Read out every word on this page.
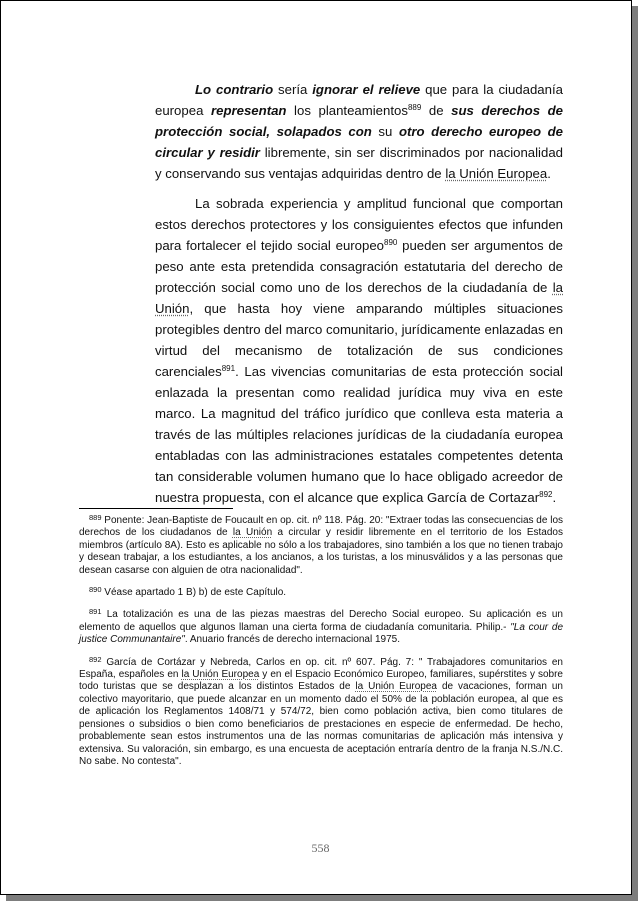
Lo contrario sería ignorar el relieve que para la ciudadanía europea representan los planteamientos$^{889}$ de sus derechos de protección social, solapados con su otro derecho europeo de circular y residir libremente, sin ser discriminados por nacionalidad y conservando sus ventajas adquiridas dentro de la Unión Europea.

La sobrada experiencia y amplitud funcional que comportan estos derechos protectores y los consiguientes efectos que infunden para fortalecer el tejido social europeo$^{890}$ pueden ser argumentos de peso ante esta pretendida consagración estatutaria del derecho de protección social como uno de los derechos de la ciudadanía de la Unión, que hasta hoy viene amparando múltiples situaciones protegibles dentro del marco comunitario, jurídicamente enlazadas en virtud del mecanismo de totalización de sus condiciones carenciales$^{891}$. Las vivencias comunitarias de esta protección social enlazada la presentan como realidad jurídica muy viva en este marco. La magnitud del tráfico jurídico que conlleva esta materia a través de las múltiples relaciones jurídicas de la ciudadanía europea entabladas con las administraciones estatales competentes detenta tan considerable volumen humano que lo hace obligado acreedor de nuestra propuesta, con el alcance que explica García de Cortazar$^{892}$.

$^{889}$ Ponente: Jean-Baptiste de Foucault en op. cit. nº 118. Pág. 20: "Extraer todas las consecuencias de los derechos de los ciudadanos de la Unión a circular y residir libremente en el territorio de los Estados miembros (artículo 8A). Esto es aplicable no sólo a los trabajadores, sino también a los que no tienen trabajo y desean trabajar, a los estudiantes, a los ancianos, a los turistas, a los minusválidos y a las personas que desean casarse con alguien de otra nacionalidad".

$^{890}$ Véase apartado 1 B) b) de este Capítulo.

$^{891}$ La totalización es una de las piezas maestras del Derecho Social europeo. Su aplicación es un elemento de aquellos que algunos llaman una cierta forma de ciudadanía comunitaria. Philip.- "La cour de justice Communantaire". Anuario francés de derecho internacional 1975.

$^{892}$ García de Cortázar y Nebreda, Carlos en op. cit. nº 607. Pág. 7: " Trabajadores comunitarios en España, españoles en la Unión Europea y en el Espacio Económico Europeo, familiares, supérstites y sobre todo turistas que se desplazan a los distintos Estados de la Unión Europea de vacaciones, forman un colectivo mayoritario, que puede alcanzar en un momento dado el 50% de la población europea, al que es de aplicación los Reglamentos 1408/71 y 574/72, bien como población activa, bien como titulares de pensiones o subsidios o bien como beneficiarios de prestaciones en especie de enfermedad. De hecho, probablemente sean estos instrumentos una de las normas comunitarias de aplicación más intensiva y extensiva. Su valoración, sin embargo, es una encuesta de aceptación entraría dentro de la franja N.S./N.C. No sabe. No contesta".

558
